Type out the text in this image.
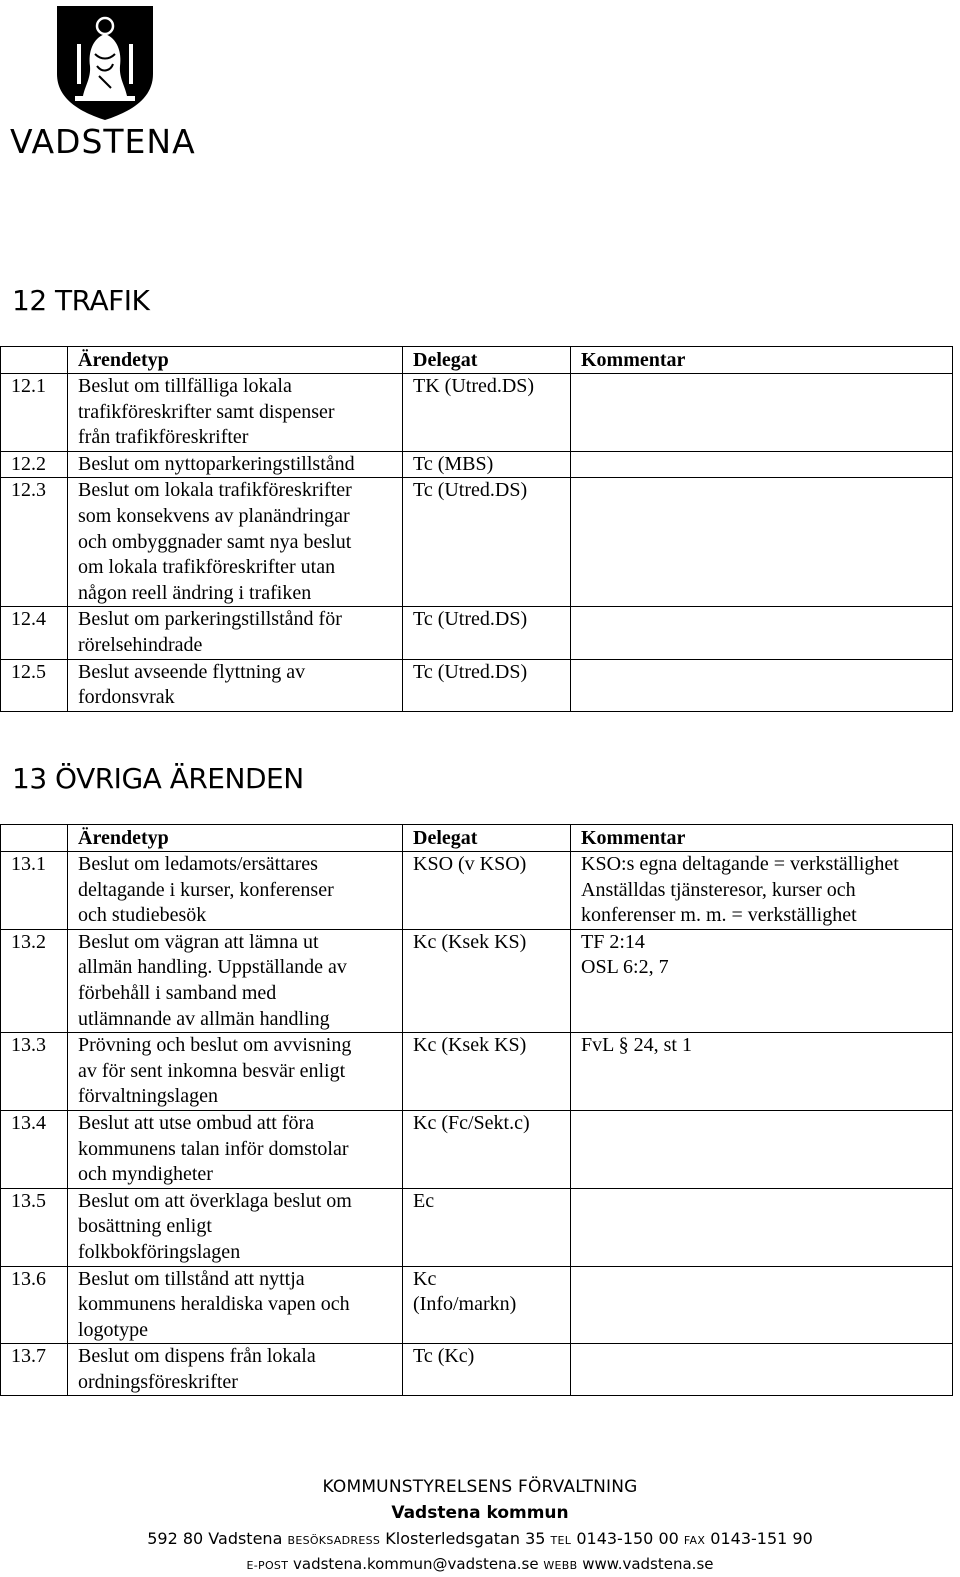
VADSTENA
12 TRAFIK
	Ärendetyp	Delegat	Kommentar
12.1	Beslut om tillfälliga lokala
trafikföreskrifter samt dispenser
från trafikföreskrifter	TK (Utred.DS)	
12.2	Beslut om nyttoparkeringstillstånd	Tc (MBS)	
12.3	Beslut om lokala trafikföreskrifter
som konsekvens av planändringar
och ombyggnader samt nya beslut
om lokala trafikföreskrifter utan
någon reell ändring i trafiken	Tc (Utred.DS)	
12.4	Beslut om parkeringstillstånd för
rörelsehindrade	Tc (Utred.DS)	
12.5	Beslut avseende flyttning av
fordonsvrak	Tc (Utred.DS)	
13 ÖVRIGA ÄRENDEN
	Ärendetyp	Delegat	Kommentar
13.1	Beslut om ledamots/ersättares
deltagande i kurser, konferenser
och studiebesök	KSO (v KSO)	KSO:s egna deltagande = verkställighet
Anställdas tjänsteresor, kurser och
konferenser m. m. = verkställighet
13.2	Beslut om vägran att lämna ut
allmän handling. Uppställande av
förbehåll i samband med
utlämnande av allmän handling	Kc (Ksek KS)	TF 2:14
OSL 6:2, 7
13.3	Prövning och beslut om avvisning
av för sent inkomna besvär enligt
förvaltningslagen	Kc (Ksek KS)	FvL § 24, st 1
13.4	Beslut att utse ombud att föra
kommunens talan inför domstolar
och myndigheter	Kc (Fc/Sekt.c)	
13.5	Beslut om att överklaga beslut om
bosättning enligt
folkbokföringslagen	Ec	
13.6	Beslut om tillstånd att nyttja
kommunens heraldiska vapen och
logotype	Kc
(Info/markn)	
13.7	Beslut om dispens från lokala
ordningsföreskrifter	Tc (Kc)	
KOMMUNSTYRELSENS FÖRVALTNING
Vadstena kommun
592 80 Vadstena BESÖKSADRESS Klosterledsgatan 35 TEL 0143-150 00 FAX 0143-151 90
E-POST vadstena.kommun@vadstena.se WEBB www.vadstena.se
